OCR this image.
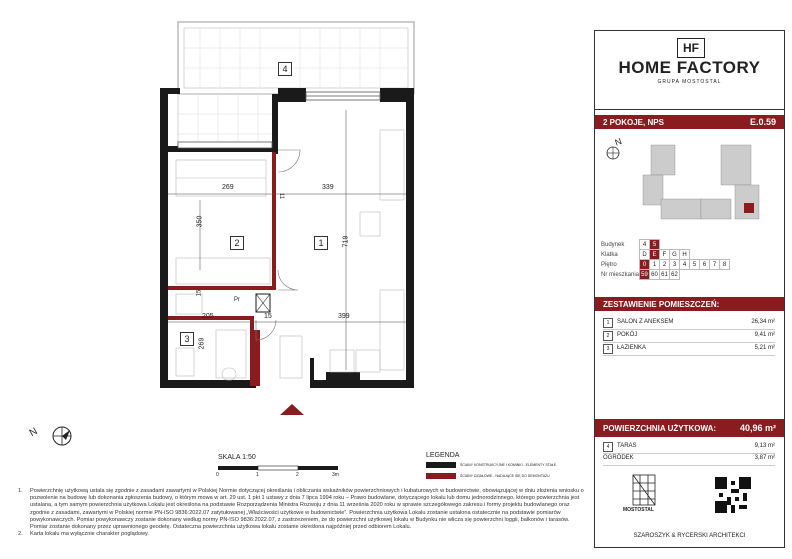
4
1
2
3
269	339
11
350
719
15
Pr
205	15	399
269
N
SKALA 1:50
0	1	2	3m
LEGENDA
ŚCIANY KONSTRUKCYJNE I KOMINKI - ELEMENTY STAŁE
ŚCIANY DZIAŁOWE - NADAJĄCE SIĘ DO DEMONTAŻU
HF
HOME FACTORY
GRUPA MOSTOSTAL
2 POKOJE, NPS	E.0.59
N
Budynek	4	5							
Klatka	D	E	F	G	H				
Piętro	0	1	2	3	4	5	6	7	8
Nr mieszkania	59	60	61	62					
ZESTAWIENIE POMIESZCZEŃ:
1	SALON Z ANEKSEM	26,34 m²
2	POKÓJ	9,41 m²
3	ŁAZIENKA	5,21 m²
POWIERZCHNIA UŻYTKOWA:	40,96 m²
4	TARAS	9,13 m²
OGRÓDEK	3,87 m²
MOSTOSTAL
SZAROSZYK & RYCERSKI ARCHITEKCI
1. Powierzchnię użytkową ustala się zgodnie z zasadami zawartymi w Polskiej Normie dotyczącej określania i obliczania wskaźników powierzchniowych i kubaturowych w budownictwie, obowiązującej w dniu złożenia wniosku o pozwolenie na budowę lub dokonania zgłoszenia budowy, o którym mowa w art. 29 ust. 1 pkt 1 ustawy z dnia 7 lipca 1994 roku – Prawo budowlane, dotyczącego lokalu lub domu jednorodzinnego, którego powierzchnia jest ustalana, a tym samym powierzchnia użytkowa Lokalu jest określona na podstawie Rozporządzenia Ministra Rozwoju z dnia 11 września 2020 roku w sprawie szczegółowego zakresu i formy projektu budowlanego oraz zgodnie z zasadami, zawartymi w Polskiej normie PN-ISO 9836:2022.07 zatytułowanej „Właściwości użytkowe w budownictwie”. Powierzchnia użytkowa Lokalu zostanie ustalona ostatecznie na podstawie pomiarów powykonawczych. Pomiar powykonawczy zostanie dokonany według normy PN-ISO 9836:2022.07, z zastrzeżeniem, że do powierzchni użytkowej lokalu w Budynku nie wlicza się powierzchni loggii, balkonów i tarasów. Pomiar zostanie dokonany przez uprawnionego geodetę. Ostateczna powierzchnia użytkowa lokalu zostanie określona najpóźniej przed odbiorem Lokalu.
2. Karta lokalu ma wyłącznie charakter poglądowy.
